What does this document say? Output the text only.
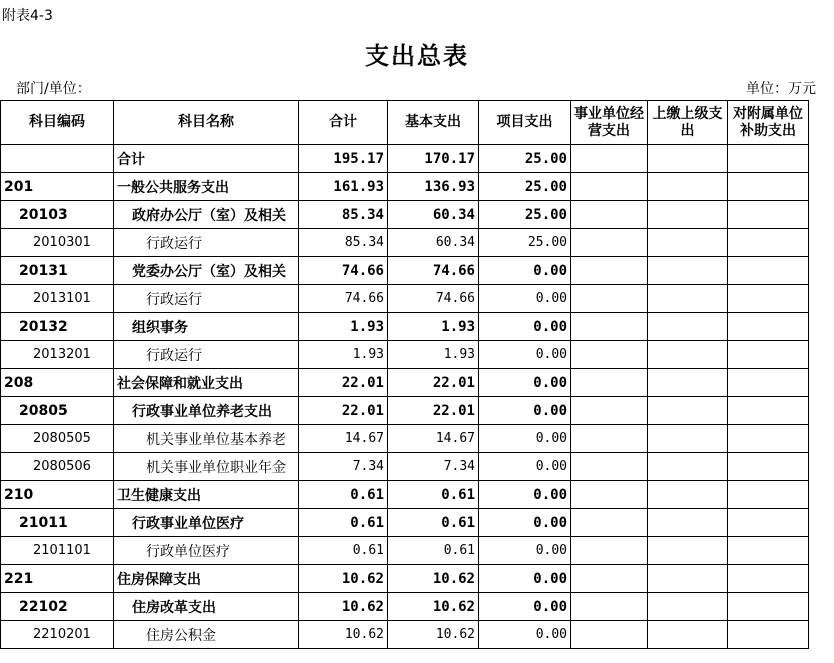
附表4-3
支出总表
部门/单位：	单位：万元
科目编码	科目名称	合计	基本支出	项目支出	事业单位经营支出	上缴上级支出	对附属单位补助支出
	合计	195.17	170.17	25.00			
201	一般公共服务支出	161.93	136.93	25.00			
20103	政府办公厅（室）及相关	85.34	60.34	25.00			
2010301	行政运行	85.34	60.34	25.00			
20131	党委办公厅（室）及相关	74.66	74.66	0.00			
2013101	行政运行	74.66	74.66	0.00			
20132	组织事务	1.93	1.93	0.00			
2013201	行政运行	1.93	1.93	0.00			
208	社会保障和就业支出	22.01	22.01	0.00			
20805	行政事业单位养老支出	22.01	22.01	0.00			
2080505	机关事业单位基本养老	14.67	14.67	0.00			
2080506	机关事业单位职业年金	7.34	7.34	0.00			
210	卫生健康支出	0.61	0.61	0.00			
21011	行政事业单位医疗	0.61	0.61	0.00			
2101101	行政单位医疗	0.61	0.61	0.00			
221	住房保障支出	10.62	10.62	0.00			
22102	住房改革支出	10.62	10.62	0.00			
2210201	住房公积金	10.62	10.62	0.00			
